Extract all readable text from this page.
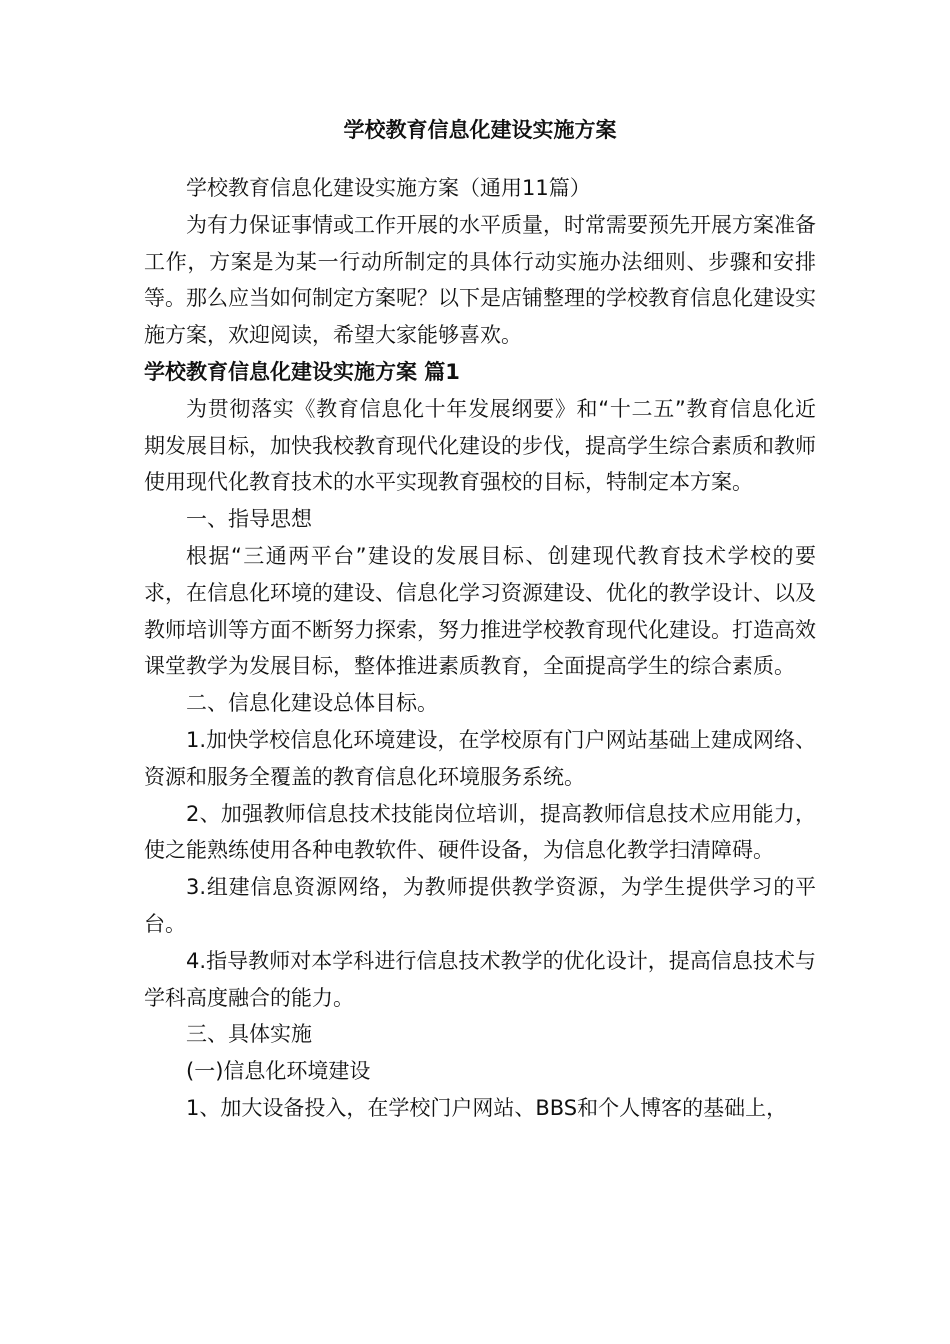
学校教育信息化建设实施方案

学校教育信息化建设实施方案（通用11篇）

为有力保证事情或工作开展的水平质量，时常需要预先开展方案准备工作，方案是为某一行动所制定的具体行动实施办法细则、步骤和安排等。那么应当如何制定方案呢？以下是店铺整理的学校教育信息化建设实施方案，欢迎阅读，希望大家能够喜欢。

学校教育信息化建设实施方案 篇1

为贯彻落实《教育信息化十年发展纲要》和“十二五”教育信息化近期发展目标，加快我校教育现代化建设的步伐，提高学生综合素质和教师使用现代化教育技术的水平实现教育强校的目标，特制定本方案。

一、指导思想

根据“三通两平台”建设的发展目标、创建现代教育技术学校的要求，在信息化环境的建设、信息化学习资源建设、优化的教学设计、以及教师培训等方面不断努力探索，努力推进学校教育现代化建设。打造高效课堂教学为发展目标，整体推进素质教育，全面提高学生的综合素质。

二、信息化建设总体目标。

1.加快学校信息化环境建设，在学校原有门户网站基础上建成网络、资源和服务全覆盖的教育信息化环境服务系统。

2、加强教师信息技术技能岗位培训，提高教师信息技术应用能力，使之能熟练使用各种电教软件、硬件设备，为信息化教学扫清障碍。

3.组建信息资源网络，为教师提供教学资源，为学生提供学习的平台。

4.指导教师对本学科进行信息技术教学的优化设计，提高信息技术与学科高度融合的能力。

三、具体实施

(一)信息化环境建设

1、加大设备投入，在学校门户网站、BBS和个人博客的基础上，
